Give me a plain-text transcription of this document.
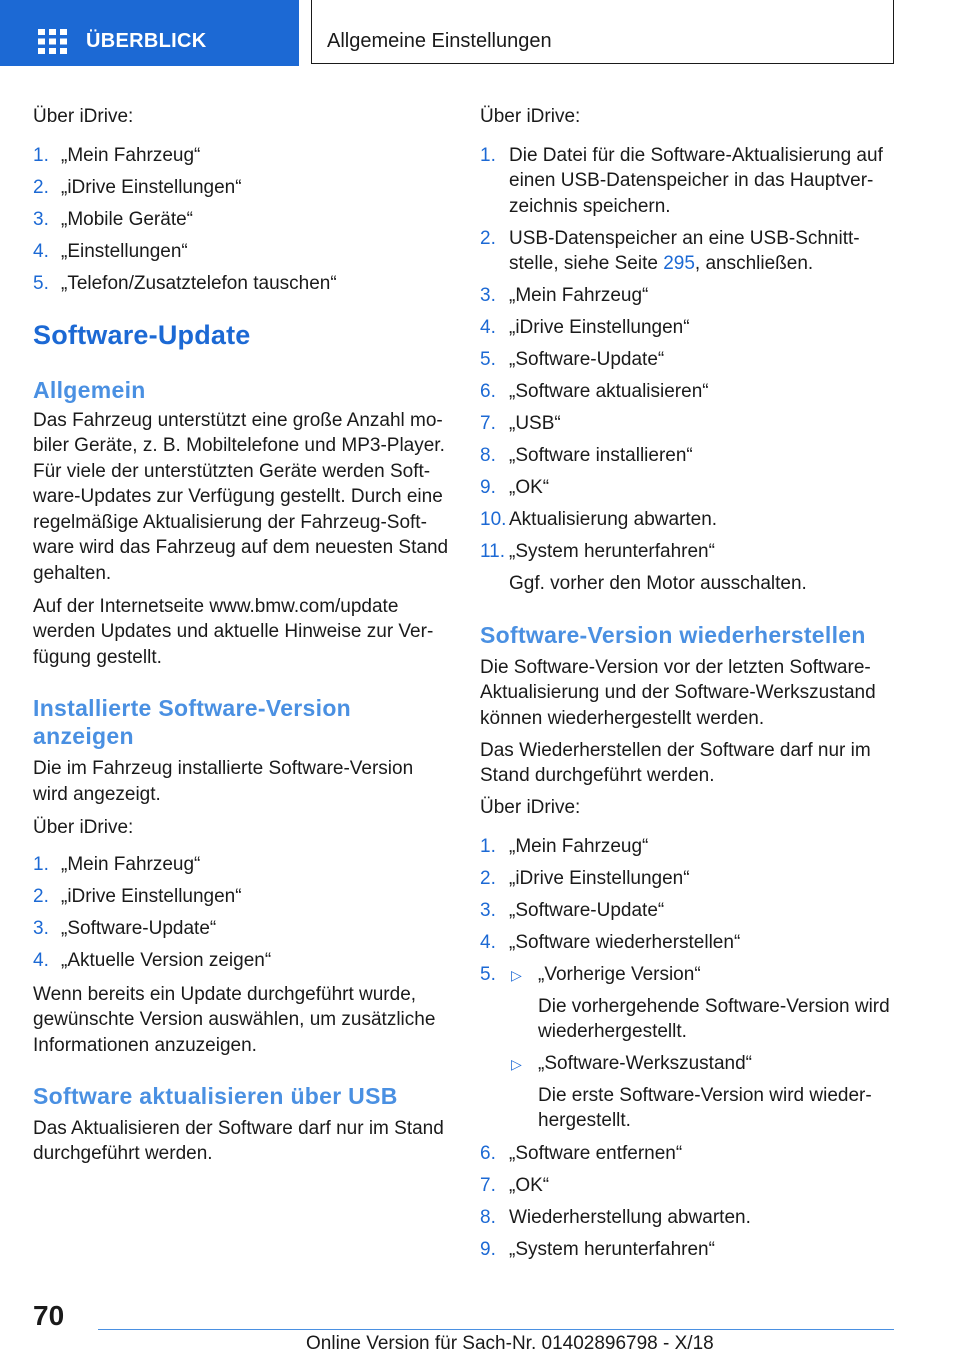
ÜBERBLICK	Allgemeine Einstellungen
Über iDrive:
1. „Mein Fahrzeug“
2. „iDrive Einstellungen“
3. „Mobile Geräte“
4. „Einstellungen“
5. „Telefon/Zusatztelefon tauschen“
Software-Update
Allgemein
Das Fahrzeug unterstützt eine große Anzahl mo‐
biler Geräte, z. B. Mobiltelefone und MP3-Player.
Für viele der unterstützten Geräte werden Soft‐
ware-Updates zur Verfügung gestellt. Durch eine
regelmäßige Aktualisierung der Fahrzeug-Soft‐
ware wird das Fahrzeug auf dem neuesten Stand
gehalten.
Auf der Internetseite www.bmw.com/update
werden Updates und aktuelle Hinweise zur Ver‐
fügung gestellt.
Installierte Software-Version
anzeigen
Die im Fahrzeug installierte Software-Version
wird angezeigt.
Über iDrive:
1. „Mein Fahrzeug“
2. „iDrive Einstellungen“
3. „Software-Update“
4. „Aktuelle Version zeigen“
Wenn bereits ein Update durchgeführt wurde,
gewünschte Version auswählen, um zusätzliche
Informationen anzuzeigen.
Software aktualisieren über USB
Das Aktualisieren der Software darf nur im Stand
durchgeführt werden.
Über iDrive:
1. Die Datei für die Software-Aktualisierung auf
einen USB-Datenspeicher in das Hauptver‐
zeichnis speichern.
2. USB-Datenspeicher an eine USB-Schnitt‐
stelle, siehe Seite 295, anschließen.
3. „Mein Fahrzeug“
4. „iDrive Einstellungen“
5. „Software-Update“
6. „Software aktualisieren“
7. „USB“
8. „Software installieren“
9. „OK“
10. Aktualisierung abwarten.
11. „System herunterfahren“
Ggf. vorher den Motor ausschalten.
Software-Version wiederherstellen
Die Software-Version vor der letzten Software-
Aktualisierung und der Software-Werkszustand
können wiederhergestellt werden.
Das Wiederherstellen der Software darf nur im
Stand durchgeführt werden.
Über iDrive:
1. „Mein Fahrzeug“
2. „iDrive Einstellungen“
3. „Software-Update“
4. „Software wiederherstellen“
5. ▷ „Vorherige Version“
Die vorhergehende Software-Version wird
wiederhergestellt.
▷ „Software-Werkszustand“
Die erste Software-Version wird wieder‐
hergestellt.
6. „Software entfernen“
7. „OK“
8. Wiederherstellung abwarten.
9. „System herunterfahren“
70
Online Version für Sach-Nr. 01402896798 - X/18
